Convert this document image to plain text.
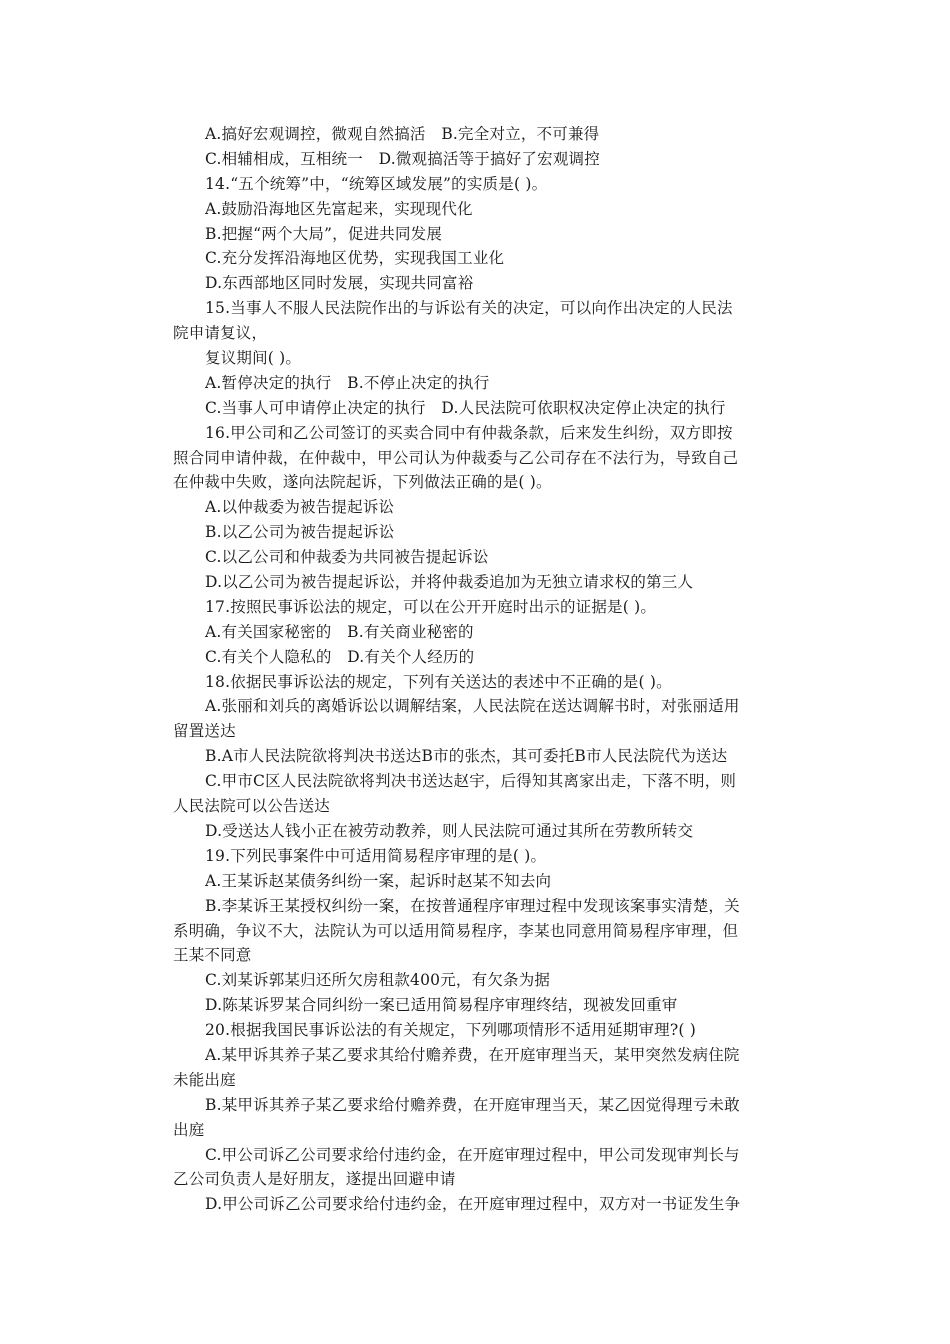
A.搞好宏观调控，微观自然搞活　B.完全对立，不可兼得
C.相辅相成，互相统一　D.微观搞活等于搞好了宏观调控
14.“五个统筹”中，“统筹区域发展”的实质是( )。
A.鼓励沿海地区先富起来，实现现代化
B.把握“两个大局”，促进共同发展
C.充分发挥沿海地区优势，实现我国工业化
D.东西部地区同时发展，实现共同富裕
15.当事人不服人民法院作出的与诉讼有关的决定，可以向作出决定的人民法
院申请复议，
复议期间( )。
A.暂停决定的执行　B.不停止决定的执行
C.当事人可申请停止决定的执行　D.人民法院可依职权决定停止决定的执行
16.甲公司和乙公司签订的买卖合同中有仲裁条款，后来发生纠纷，双方即按
照合同申请仲裁，在仲裁中，甲公司认为仲裁委与乙公司存在不法行为，导致自己
在仲裁中失败，遂向法院起诉，下列做法正确的是( )。
A.以仲裁委为被告提起诉讼
B.以乙公司为被告提起诉讼
C.以乙公司和仲裁委为共同被告提起诉讼
D.以乙公司为被告提起诉讼，并将仲裁委追加为无独立请求权的第三人
17.按照民事诉讼法的规定，可以在公开开庭时出示的证据是( )。
A.有关国家秘密的　B.有关商业秘密的
C.有关个人隐私的　D.有关个人经历的
18.依据民事诉讼法的规定，下列有关送达的表述中不正确的是( )。
A.张丽和刘兵的离婚诉讼以调解结案，人民法院在送达调解书时，对张丽适用
留置送达
B.A市人民法院欲将判决书送达B市的张杰，其可委托B市人民法院代为送达
C.甲市C区人民法院欲将判决书送达赵宇，后得知其离家出走，下落不明，则
人民法院可以公告送达
D.受送达人钱小正在被劳动教养，则人民法院可通过其所在劳教所转交
19.下列民事案件中可适用简易程序审理的是( )。
A.王某诉赵某债务纠纷一案，起诉时赵某不知去向
B.李某诉王某授权纠纷一案，在按普通程序审理过程中发现该案事实清楚，关
系明确，争议不大，法院认为可以适用简易程序，李某也同意用简易程序审理，但
王某不同意
C.刘某诉郭某归还所欠房租款400元，有欠条为据
D.陈某诉罗某合同纠纷一案已适用简易程序审理终结，现被发回重审
20.根据我国民事诉讼法的有关规定，下列哪项情形不适用延期审理?( )
A.某甲诉其养子某乙要求其给付赡养费，在开庭审理当天，某甲突然发病住院
未能出庭
B.某甲诉其养子某乙要求给付赡养费，在开庭审理当天，某乙因觉得理亏未敢
出庭
C.甲公司诉乙公司要求给付违约金，在开庭审理过程中，甲公司发现审判长与
乙公司负责人是好朋友，遂提出回避申请
D.甲公司诉乙公司要求给付违约金，在开庭审理过程中，双方对一书证发生争
